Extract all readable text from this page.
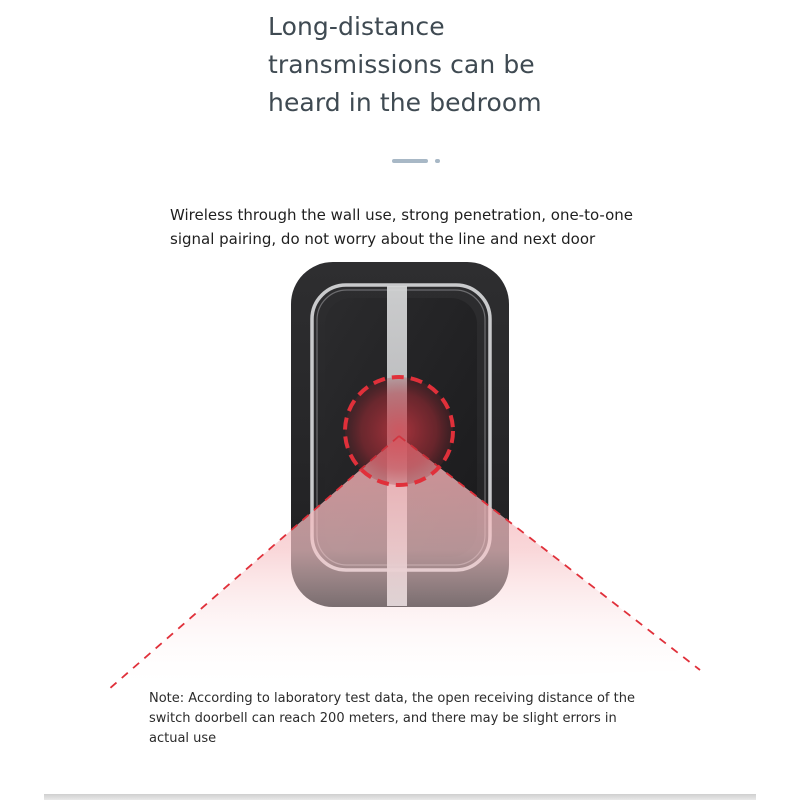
Long-distance
transmissions can be
heard in the bedroom
Wireless through the wall use, strong penetration, one-to-one
signal pairing, do not worry about the line and next door
Note: According to laboratory test data, the open receiving distance of the
switch doorbell can reach 200 meters, and there may be slight errors in
actual use
